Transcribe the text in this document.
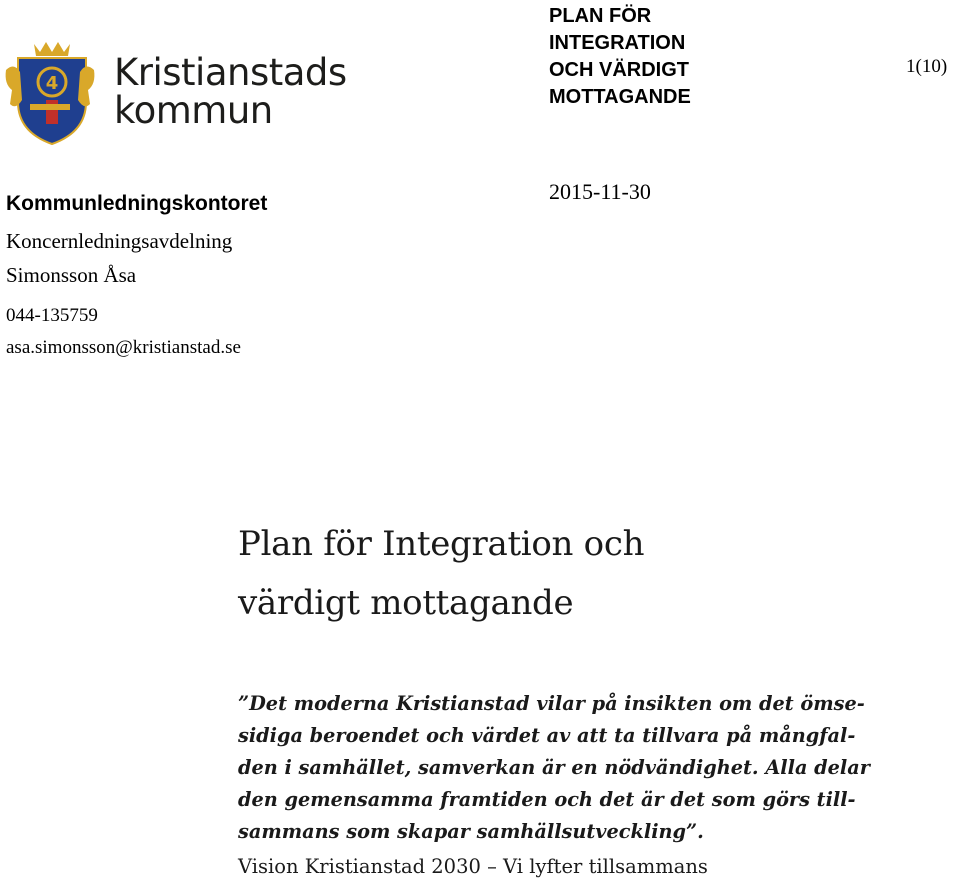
4 Kristianstads
kommun
PLAN FÖR INTEGRATION
OCH VÄRDIGT
MOTTAGANDE
1(10)
2015-11-30
Kommunledningskontoret
Koncernledningsavdelning
Simonsson Åsa
044-135759
asa.simonsson@kristianstad.se
Plan för Integration och
värdigt mottagande
”Det moderna Kristianstad vilar på insikten om det ömse-
sidiga beroendet och värdet av att ta tillvara på mångfal-
den i samhället, samverkan är en nödvändighet. Alla delar
den gemensamma framtiden och det är det som görs till-
sammans som skapar samhällsutveckling”.
Vision Kristianstad 2030 – Vi lyfter tillsammans
